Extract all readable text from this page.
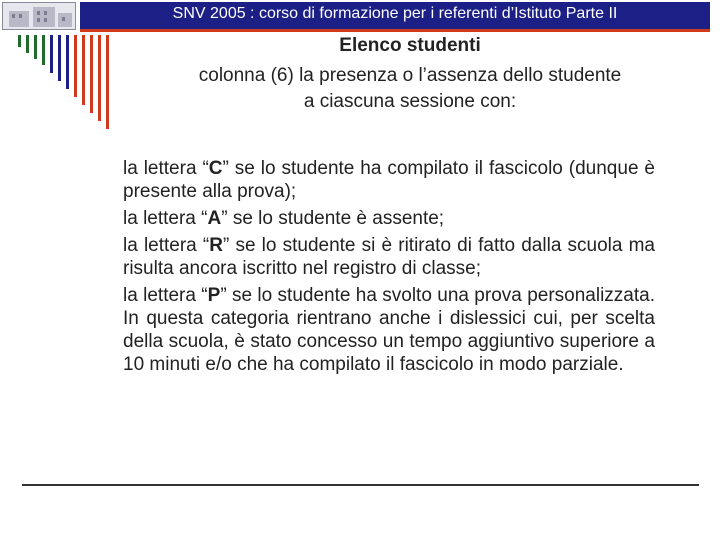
SNV 2005 : corso di formazione per i referenti d’Istituto Parte II
Elenco studenti
colonna (6) la presenza o l’assenza dello studente
a ciascuna sessione con:
la lettera “C” se lo studente ha compilato il fascicolo (dunque è presente alla prova);
la lettera “A” se lo studente è assente;
la lettera “R” se lo studente si è ritirato di fatto dalla scuola ma risulta ancora iscritto nel registro di classe;
la lettera “P” se lo studente ha svolto una prova personalizzata. In questa categoria rientrano anche i dislessici cui, per scelta della scuola, è stato concesso un tempo aggiuntivo superiore a 10 minuti e/o che ha compilato il fascicolo in modo parziale.
